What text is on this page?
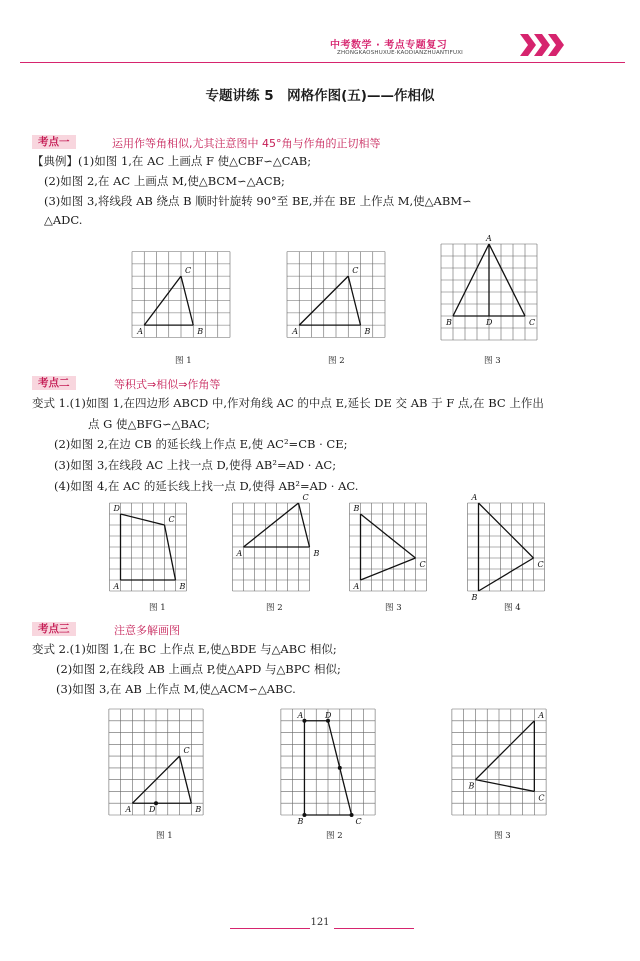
中考数学 · 考点专题复习
ZHONGKAOSHUXUE·KAODIANZHUANTIFUXI
专题讲练 5　网格作图(五)——作相似
考点一	运用作等角相似,尤其注意图中 45°角与作角的正切相等
【典例】(1)如图 1,在 AC 上画点 F 使△CBF∽△CAB;
(2)如图 2,在 AC 上画点 M,使△BCM∽△ACB;
(3)如图 3,将线段 AB 绕点 B 顺时针旋转 90°至 BE,并在 BE 上作点 M,使△ABM∽
△ADC.
A	B
C
A	B
C
A
B	D	C
图 1	图 2	图 3
考点二	等积式⇒相似⇒作角等
变式 1.(1)如图 1,在四边形 ABCD 中,作对角线 AC 的中点 E,延长 DE 交 AB 于 F 点,在 BC 上作出
点 G 使△BFG∽△BAC;
(2)如图 2,在边 CB 的延长线上作点 E,使 AC²=CB · CE;
(3)如图 3,在线段 AC 上找一点 D,使得 AB²=AD · AC;
(4)如图 4,在 AC 的延长线上找一点 D,使得 AB²=AD · AC.
D
C
A	B
C
A	B
B
C
A
A
C
B
图 1	图 2	图 3	图 4
考点三	注意多解画图
变式 2.(1)如图 1,在 BC 上作点 E,使△BDE 与△ABC 相似;
(2)如图 2,在线段 AB 上画点 P,使△APD 与△BPC 相似;
(3)如图 3,在 AB 上作点 M,使△ACM∽△ABC.
C
A D	B
A	D
B	C
A
B
C
图 1	图 2	图 3
121
